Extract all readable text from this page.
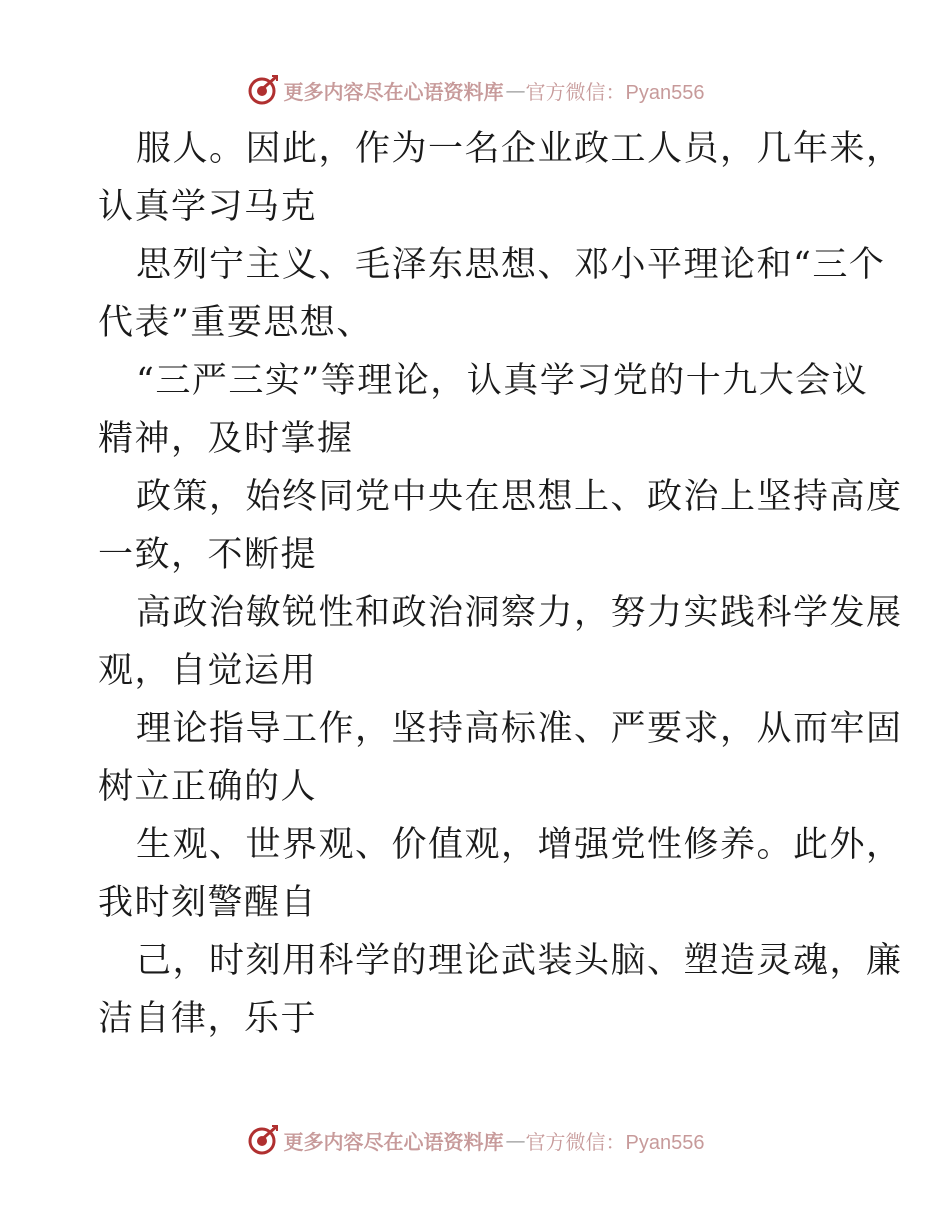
更多内容尽在心语资料库 — 官方微信：Pyan556
服人。因此，作为一名企业政工人员，几年来，
认真学习马克
思列宁主义、毛泽东思想、邓小平理论和“三个
代表”重要思想、
“三严三实”等理论，认真学习党的十九大会议
精神，及时掌握
政策，始终同党中央在思想上、政治上坚持高度
一致，不断提
高政治敏锐性和政治洞察力，努力实践科学发展
观，自觉运用
理论指导工作，坚持高标准、严要求，从而牢固
树立正确的人
生观、世界观、价值观，增强党性修养。此外，
我时刻警醒自
己，时刻用科学的理论武装头脑、塑造灵魂，廉
洁自律，乐于
更多内容尽在心语资料库 — 官方微信：Pyan556
